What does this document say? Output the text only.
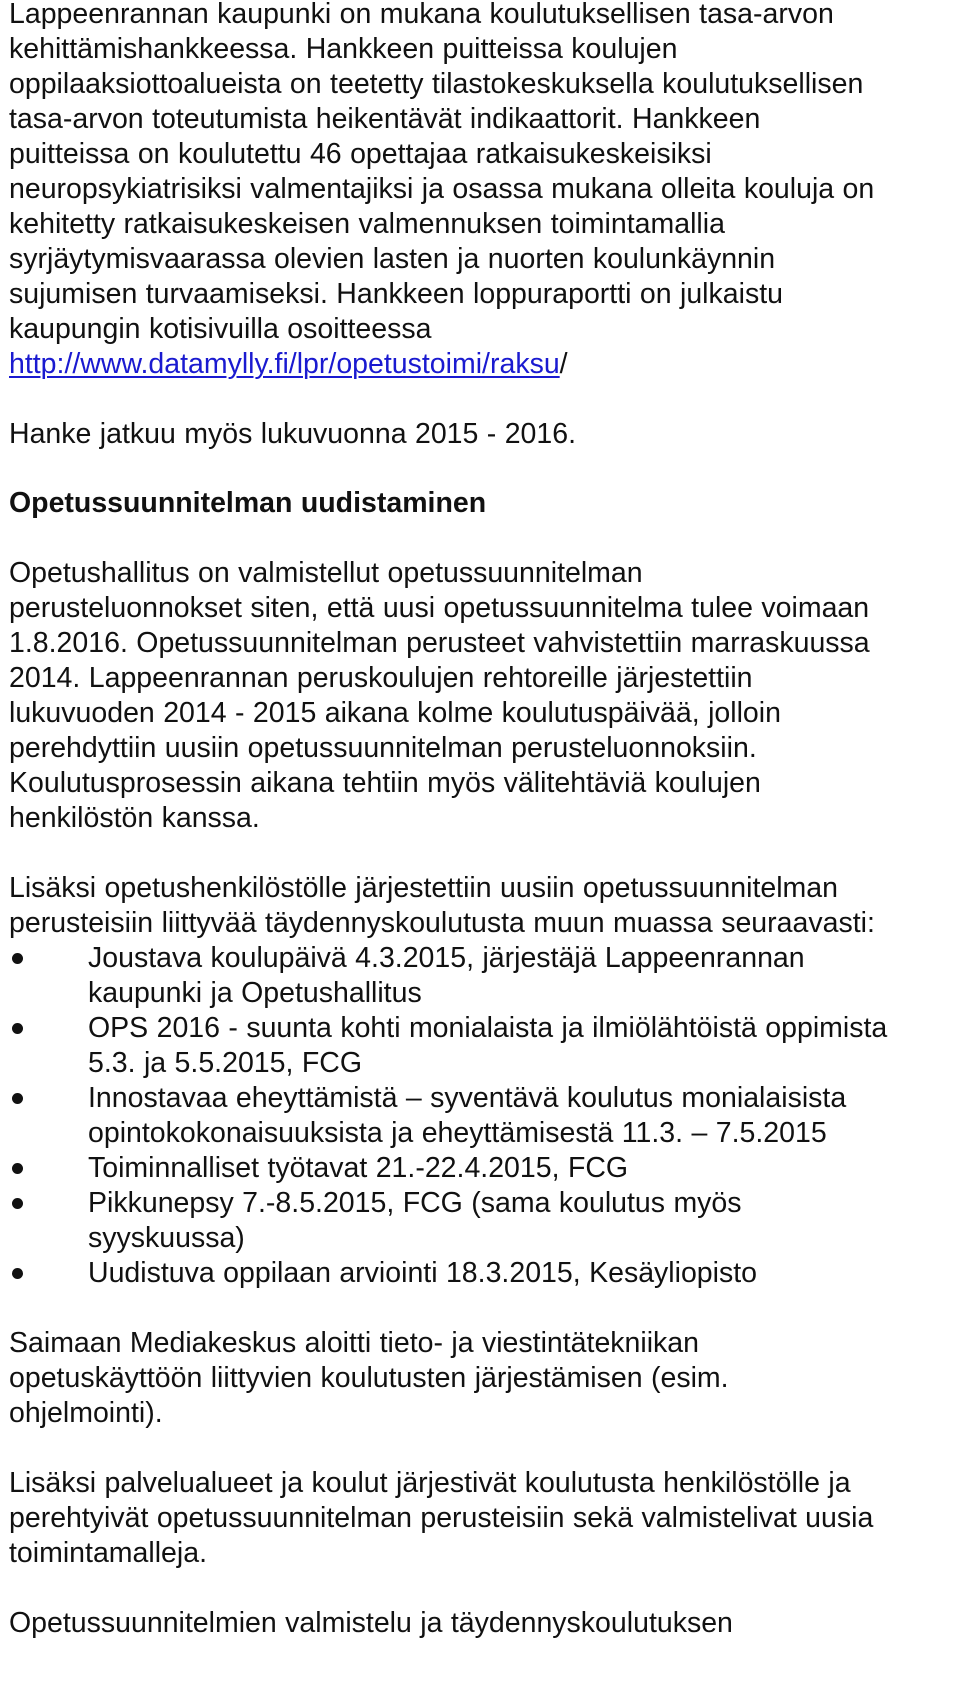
Lappeenrannan kaupunki on mukana koulutuksellisen tasa-arvon
kehittämishankkeessa. Hankkeen puitteissa koulujen
oppilaaksiottoalueista on teetetty tilastokeskuksella koulutuksellisen
tasa-arvon toteutumista heikentävät indikaattorit. Hankkeen
puitteissa on koulutettu 46 opettajaa ratkaisukeskeisiksi
neuropsykiatrisiksi valmentajiksi ja osassa mukana olleita kouluja on
kehitetty ratkaisukeskeisen valmennuksen toimintamallia
syrjäytymisvaarassa olevien lasten ja nuorten koulunkäynnin
sujumisen turvaamiseksi. Hankkeen loppuraportti on julkaistu
kaupungin kotisivuilla osoitteessa
http://www.datamylly.fi/lpr/opetustoimi/raksu/

Hanke jatkuu myös lukuvuonna 2015 - 2016.

Opetussuunnitelman uudistaminen

Opetushallitus on valmistellut opetussuunnitelman
perusteluonnokset siten, että uusi opetussuunnitelma tulee voimaan
1.8.2016. Opetussuunnitelman perusteet vahvistettiin marraskuussa
2014. Lappeenrannan peruskoulujen rehtoreille järjestettiin
lukuvuoden 2014 - 2015 aikana kolme koulutuspäivää, jolloin
perehdyttiin uusiin opetussuunnitelman perusteluonnoksiin.
Koulutusprosessin aikana tehtiin myös välitehtäviä koulujen
henkilöstön kanssa.

Lisäksi opetushenkilöstölle järjestettiin uusiin opetussuunnitelman
perusteisiin liittyvää täydennyskoulutusta muun muassa seuraavasti:

Joustava koulupäivä 4.3.2015, järjestäjä Lappeenrannan
kaupunki ja Opetushallitus
OPS 2016 - suunta kohti monialaista ja ilmiölähtöistä oppimista
5.3. ja 5.5.2015, FCG
Innostavaa eheyttämistä – syventävä koulutus monialaisista
opintokokonaisuuksista ja eheyttämisestä 11.3. – 7.5.2015
Toiminnalliset työtavat 21.-22.4.2015, FCG
Pikkunepsy 7.-8.5.2015, FCG (sama koulutus myös
syyskuussa)
Uudistuva oppilaan arviointi 18.3.2015, Kesäyliopisto

Saimaan Mediakeskus aloitti tieto- ja viestintätekniikan
opetuskäyttöön liittyvien koulutusten järjestämisen (esim.
ohjelmointi).

Lisäksi palvelualueet ja koulut järjestivät koulutusta henkilöstölle ja
perehtyivät opetussuunnitelman perusteisiin sekä valmistelivat uusia
toimintamalleja.

Opetussuunnitelmien valmistelu ja täydennyskoulutuksen
